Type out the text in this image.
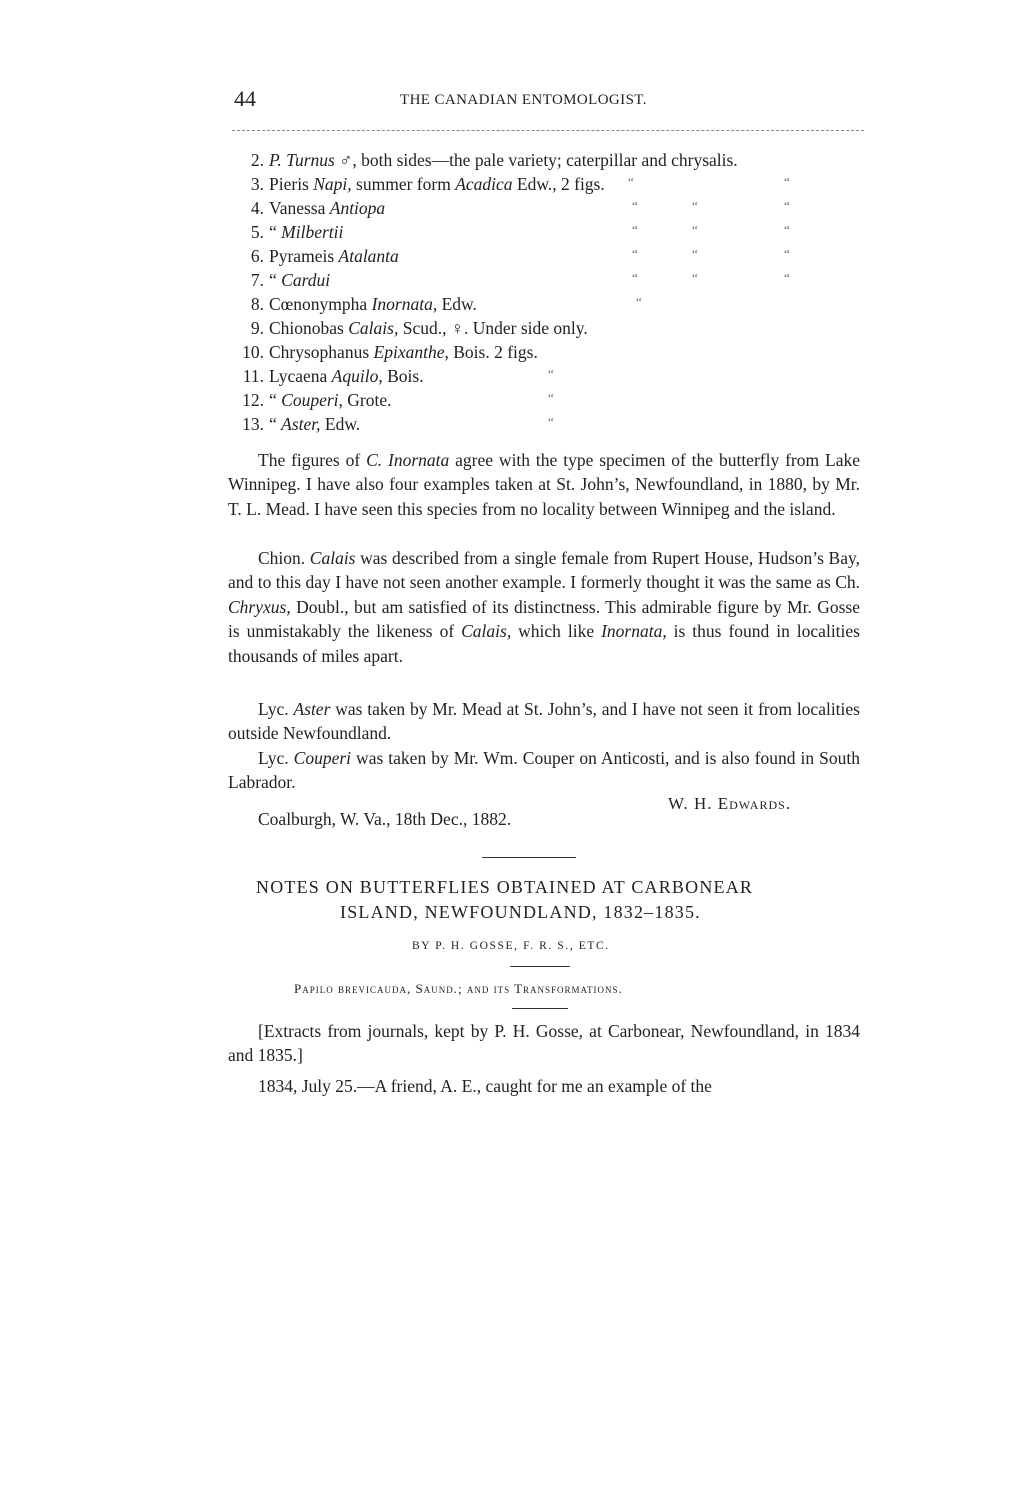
44	THE CANADIAN ENTOMOLOGIST.
2. P. Turnus ♂, both sides—the pale variety; caterpillar and chrysalis.
3. Pieris Napi, summer form Acadica Edw., 2 figs. “	“
4. Vanessa Antiopa	“	“	“
5. “ Milbertii	“	“	“
6. Pyrameis Atalanta	“	“	“
7. “ Cardui	“	“	“
8. Cœnonympha Inornata, Edw.	“
9. Chionobas Calais, Scud., ♀. Under side only.
10. Chrysophanus Epixanthe, Bois. 2 figs.
11. Lycaena Aquilo, Bois.	“
12. “ Couperi, Grote.	“
13. “ Aster, Edw.	“

The figures of C. Inornata agree with the type specimen of the butterfly from Lake Winnipeg. I have also four examples taken at St. John’s, Newfoundland, in 1880, by Mr. T. L. Mead. I have seen this species from no locality between Winnipeg and the island.

Chion. Calais was described from a single female from Rupert House, Hudson’s Bay, and to this day I have not seen another example. I formerly thought it was the same as Ch. Chryxus, Doubl., but am satisfied of its distinctness. This admirable figure by Mr. Gosse is unmistakably the likeness of Calais, which like Inornata, is thus found in localities thousands of miles apart.

Lyc. Aster was taken by Mr. Mead at St. John’s, and I have not seen it from localities outside Newfoundland.

Lyc. Couperi was taken by Mr. Wm. Couper on Anticosti, and is also found in South Labrador.

W. H. Edwards.
Coalburgh, W. Va., 18th Dec., 1882.
NOTES ON BUTTERFLIES OBTAINED AT CARBONEAR
ISLAND, NEWFOUNDLAND, 1832–1835.
BY P. H. GOSSE, F. R. S., ETC.
Papilo brevicauda, Saund.; and its Transformations.

[Extracts from journals, kept by P. H. Gosse, at Carbonear, Newfoundland, in 1834 and 1835.]

1834, July 25.—A friend, A. E., caught for me an example of the
